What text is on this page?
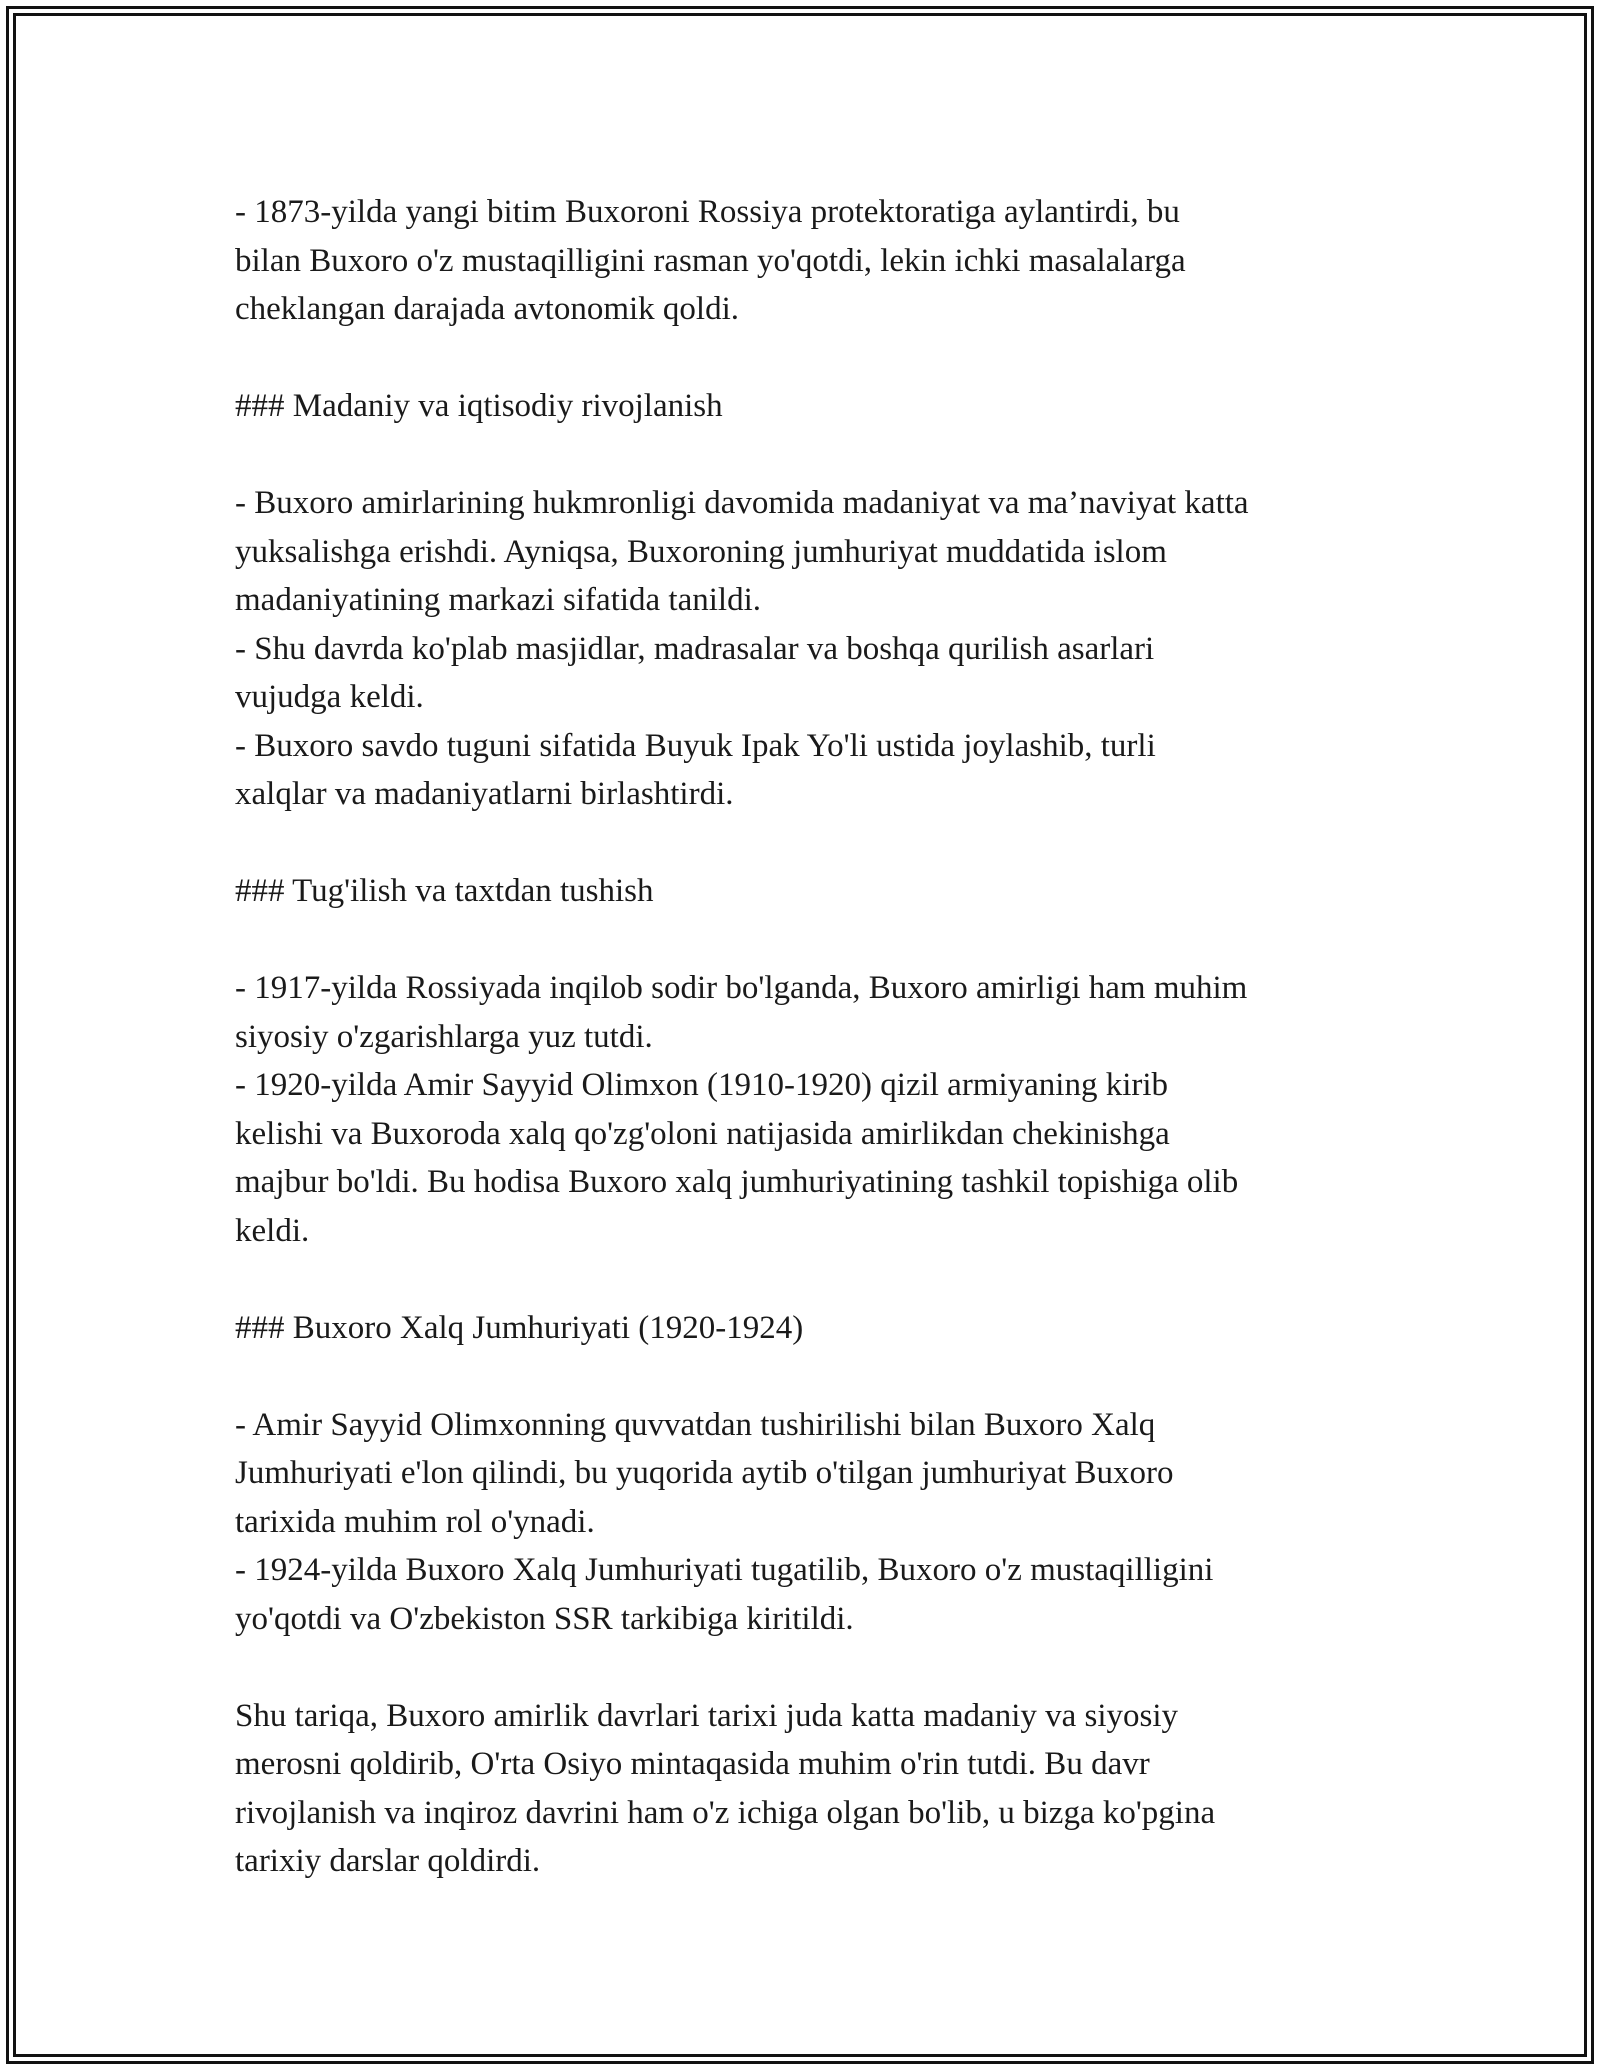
- 1873-yilda yangi bitim Buxoroni Rossiya protektoratiga aylantirdi, bu
bilan Buxoro o'z mustaqilligini rasman yo'qotdi, lekin ichki masalalarga
cheklangan darajada avtonomik qoldi.
### Madaniy va iqtisodiy rivojlanish
- Buxoro amirlarining hukmronligi davomida madaniyat va ma’naviyat katta
yuksalishga erishdi. Ayniqsa, Buxoroning jumhuriyat muddatida islom
madaniyatining markazi sifatida tanildi.
- Shu davrda ko'plab masjidlar, madrasalar va boshqa qurilish asarlari
vujudga keldi.
- Buxoro savdo tuguni sifatida Buyuk Ipak Yo'li ustida joylashib, turli
xalqlar va madaniyatlarni birlashtirdi.
### Tug'ilish va taxtdan tushish
- 1917-yilda Rossiyada inqilob sodir bo'lganda, Buxoro amirligi ham muhim
siyosiy o'zgarishlarga yuz tutdi.
- 1920-yilda Amir Sayyid Olimxon (1910-1920) qizil armiyaning kirib
kelishi va Buxoroda xalq qo'zg'oloni natijasida amirlikdan chekinishga
majbur bo'ldi. Bu hodisa Buxoro xalq jumhuriyatining tashkil topishiga olib
keldi.
### Buxoro Xalq Jumhuriyati (1920-1924)
- Amir Sayyid Olimxonning quvvatdan tushirilishi bilan Buxoro Xalq
Jumhuriyati e'lon qilindi, bu yuqorida aytib o'tilgan jumhuriyat Buxoro
tarixida muhim rol o'ynadi.
- 1924-yilda Buxoro Xalq Jumhuriyati tugatilib, Buxoro o'z mustaqilligini
yo'qotdi va O'zbekiston SSR tarkibiga kiritildi.
Shu tariqa, Buxoro amirlik davrlari tarixi juda katta madaniy va siyosiy
merosni qoldirib, O'rta Osiyo mintaqasida muhim o'rin tutdi. Bu davr
rivojlanish va inqiroz davrini ham o'z ichiga olgan bo'lib, u bizga ko'pgina
tarixiy darslar qoldirdi.
